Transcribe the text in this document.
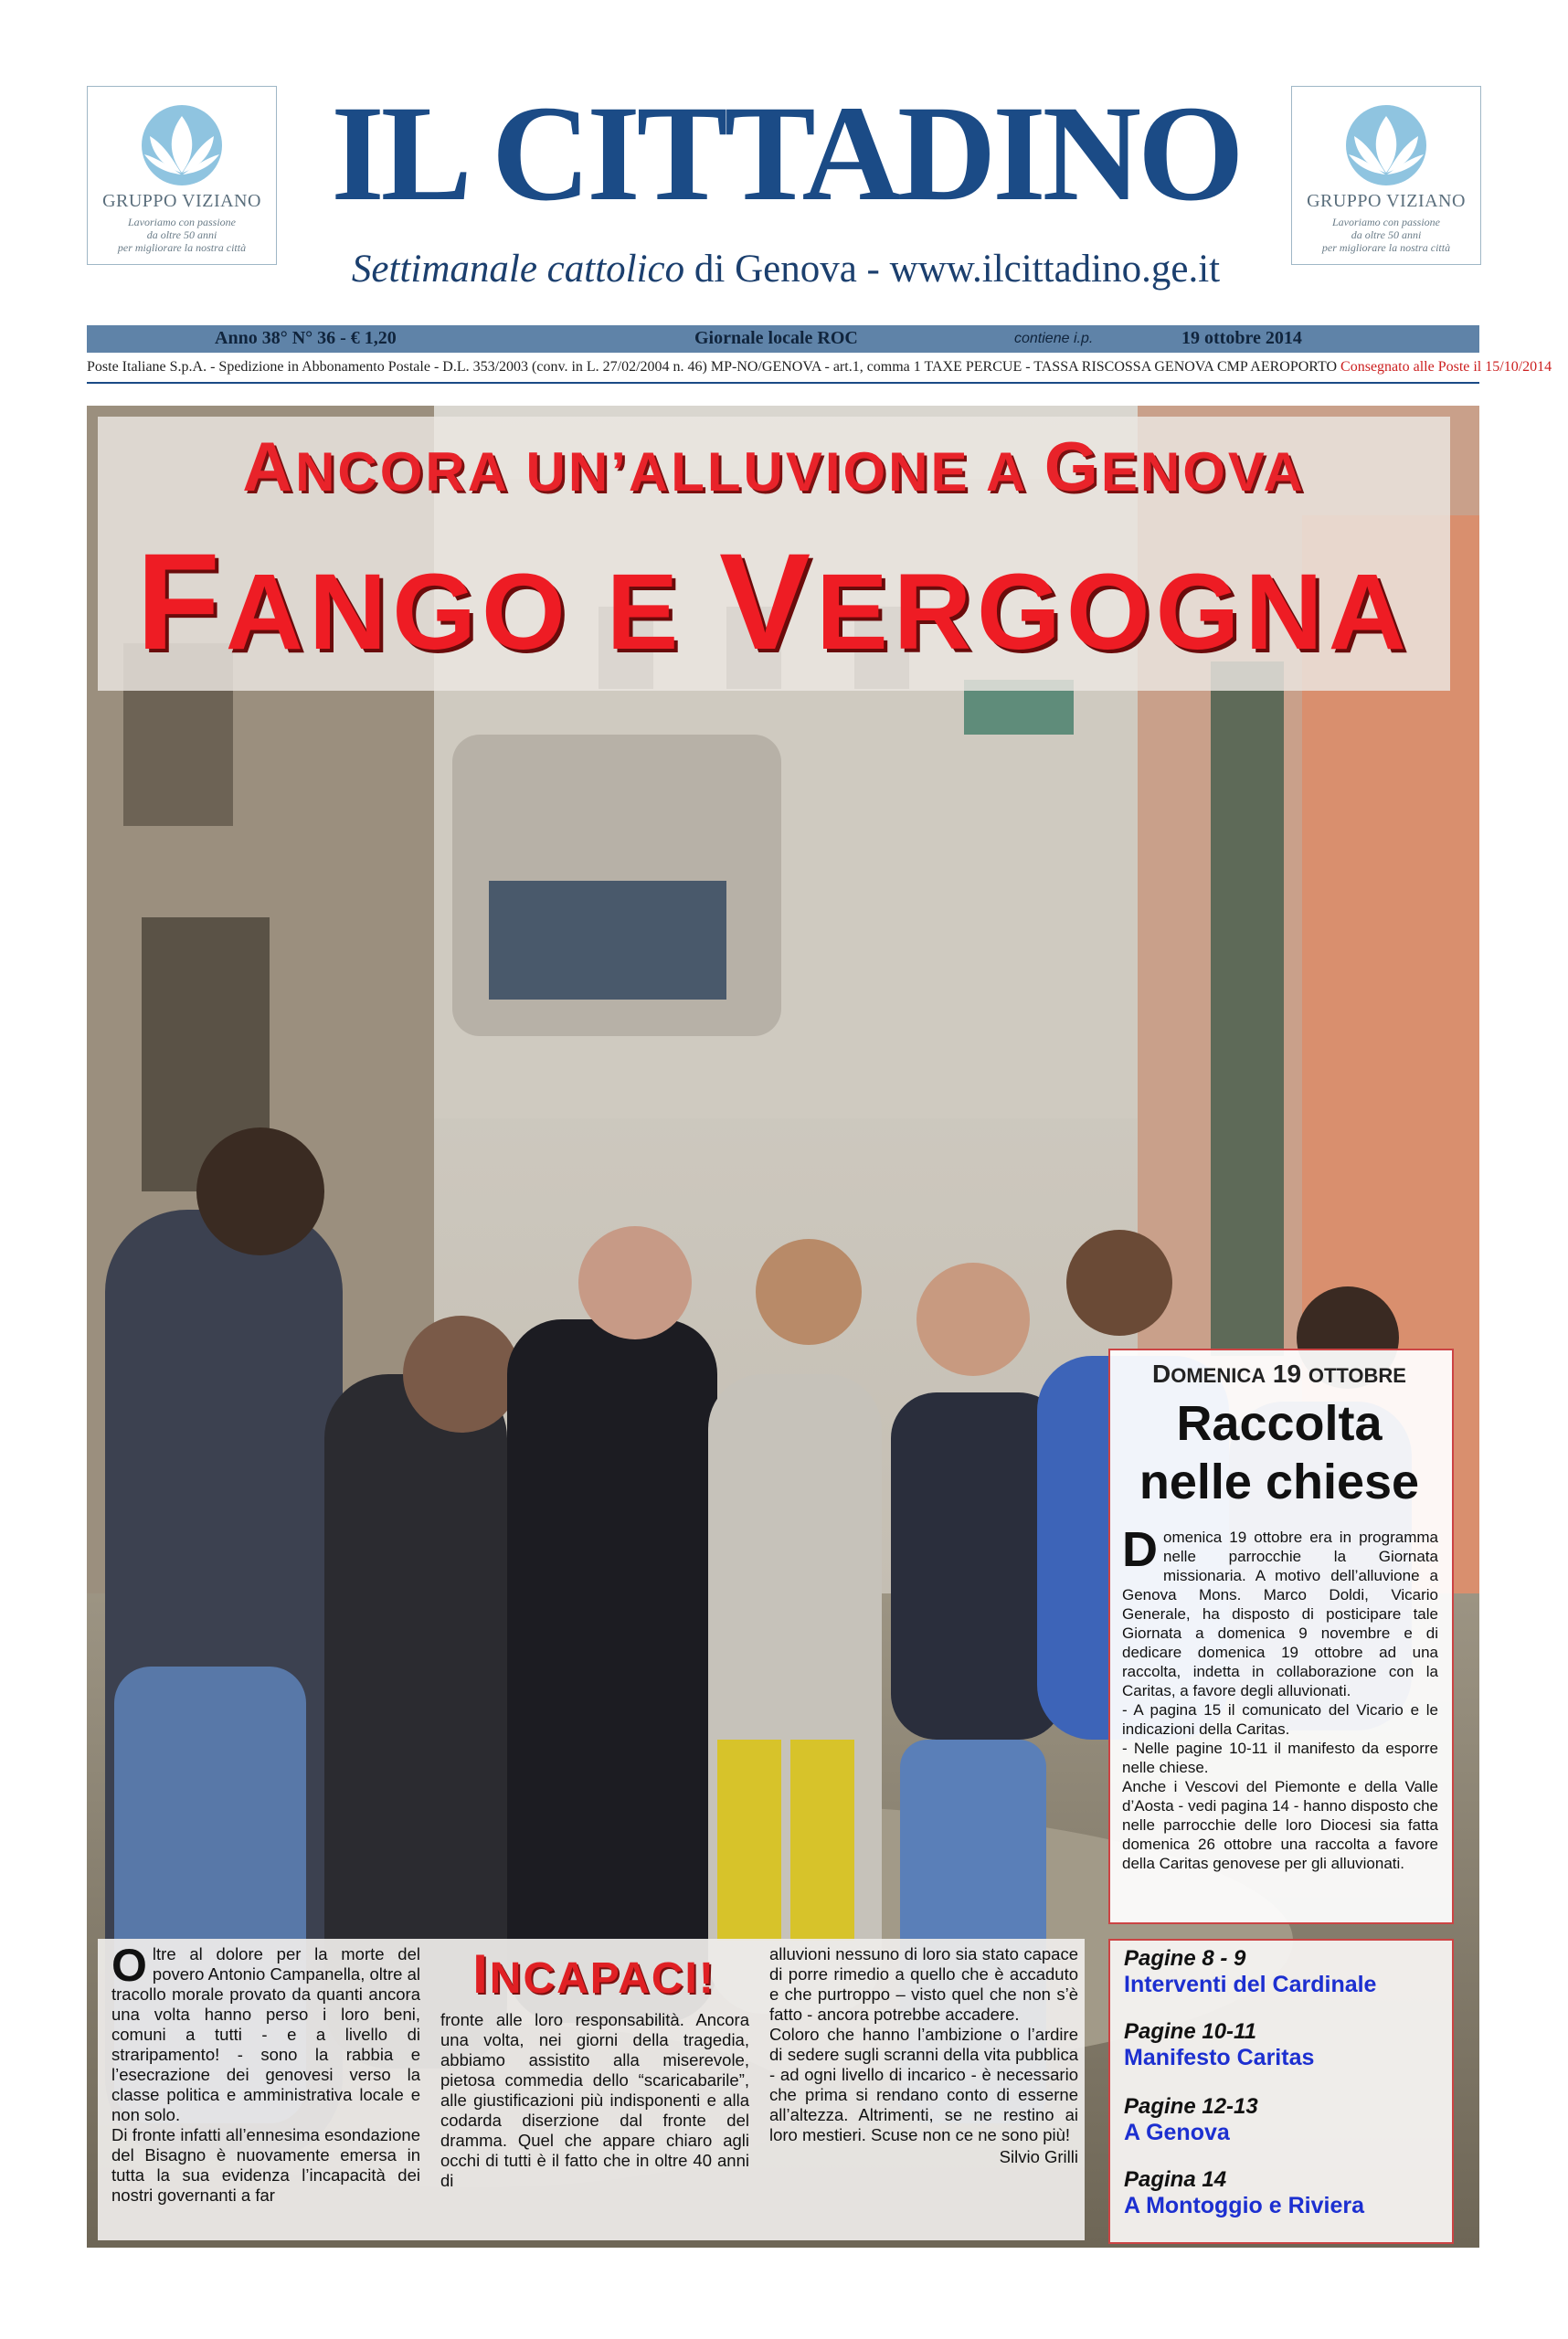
GRUPPO VIZIANO
Lavoriamo con passione
da oltre 50 anni
per migliorare la nostra città
GRUPPO VIZIANO
Lavoriamo con passione
da oltre 50 anni
per migliorare la nostra città
IL CITTADINO
Settimanale cattolico di Genova - www.ilcittadino.ge.it
Anno 38° N° 36 - € 1,20	Giornale locale ROC	contiene i.p.	19 ottobre 2014
Poste Italiane S.p.A. - Spedizione in Abbonamento Postale - D.L. 353/2003 (conv. in L. 27/02/2004 n. 46) MP-NO/GENOVA - art.1, comma 1 TAXE PERCUE - TASSA RISCOSSA GENOVA CMP AEROPORTO Consegnato alle Poste il 15/10/2014
ANCORA UN’ALLUVIONE A GENOVA
FANGO E VERGOGNA
DOMENICA 19 OTTOBRE
Raccolta
nelle chiese

Domenica 19 ottobre era in programma nelle parrocchie la Giornata missionaria. A motivo dell’alluvione a Genova Mons. Marco Doldi, Vicario Generale, ha disposto di posticipare tale Giornata a domenica 9 novembre e di dedicare domenica 19 ottobre ad una raccolta, indetta in collaborazione con la Caritas, a favore degli alluvionati.

- A pagina 15 il comunicato del Vicario e le indicazioni della Caritas.

- Nelle pagine 10-11 il manifesto da esporre nelle chiese.

Anche i Vescovi del Piemonte e della Valle d’Aosta - vedi pagina 14 - hanno disposto che nelle parrocchie delle loro Diocesi sia fatta domenica 26 ottobre una raccolta a favore della Caritas genovese per gli alluvionati.

INCAPACI!

Oltre al dolore per la morte del povero Antonio Campanella, oltre al tracollo morale provato da quanti ancora una volta hanno perso i loro beni, comuni a tutti - e a livello di straripamento! - sono la rabbia e l’esecrazione dei genovesi verso la classe politica e amministrativa locale e non solo.

Di fronte infatti all’ennesima esondazione del Bisagno è nuovamente emersa in tutta la sua evidenza l’incapacità dei nostri governanti a far

fronte alle loro responsabilità. Ancora una volta, nei giorni della tragedia, abbiamo assistito alla miserevole, pietosa commedia dello “scaricabarile”, alle giustificazioni più indisponenti e alla codarda diserzione dal fronte del dramma. Quel che appare chiaro agli occhi di tutti è il fatto che in oltre 40 anni di

alluvioni nessuno di loro sia stato capace di porre rimedio a quello che è accaduto e che purtroppo – visto quel che non s’è fatto - ancora potrebbe accadere.

Coloro che hanno l’ambizione o l’ardire di sedere sugli scranni della vita pubblica - ad ogni livello di incarico - è necessario che prima si rendano conto di esserne all’altezza. Altrimenti, se ne restino ai loro mestieri. Scuse non ce ne sono più!

Silvio Grilli

Pagine 8 - 9
Interventi del Cardinale
Pagine 10-11
Manifesto Caritas
Pagine 12-13
A Genova
Pagina 14
A Montoggio e Riviera
